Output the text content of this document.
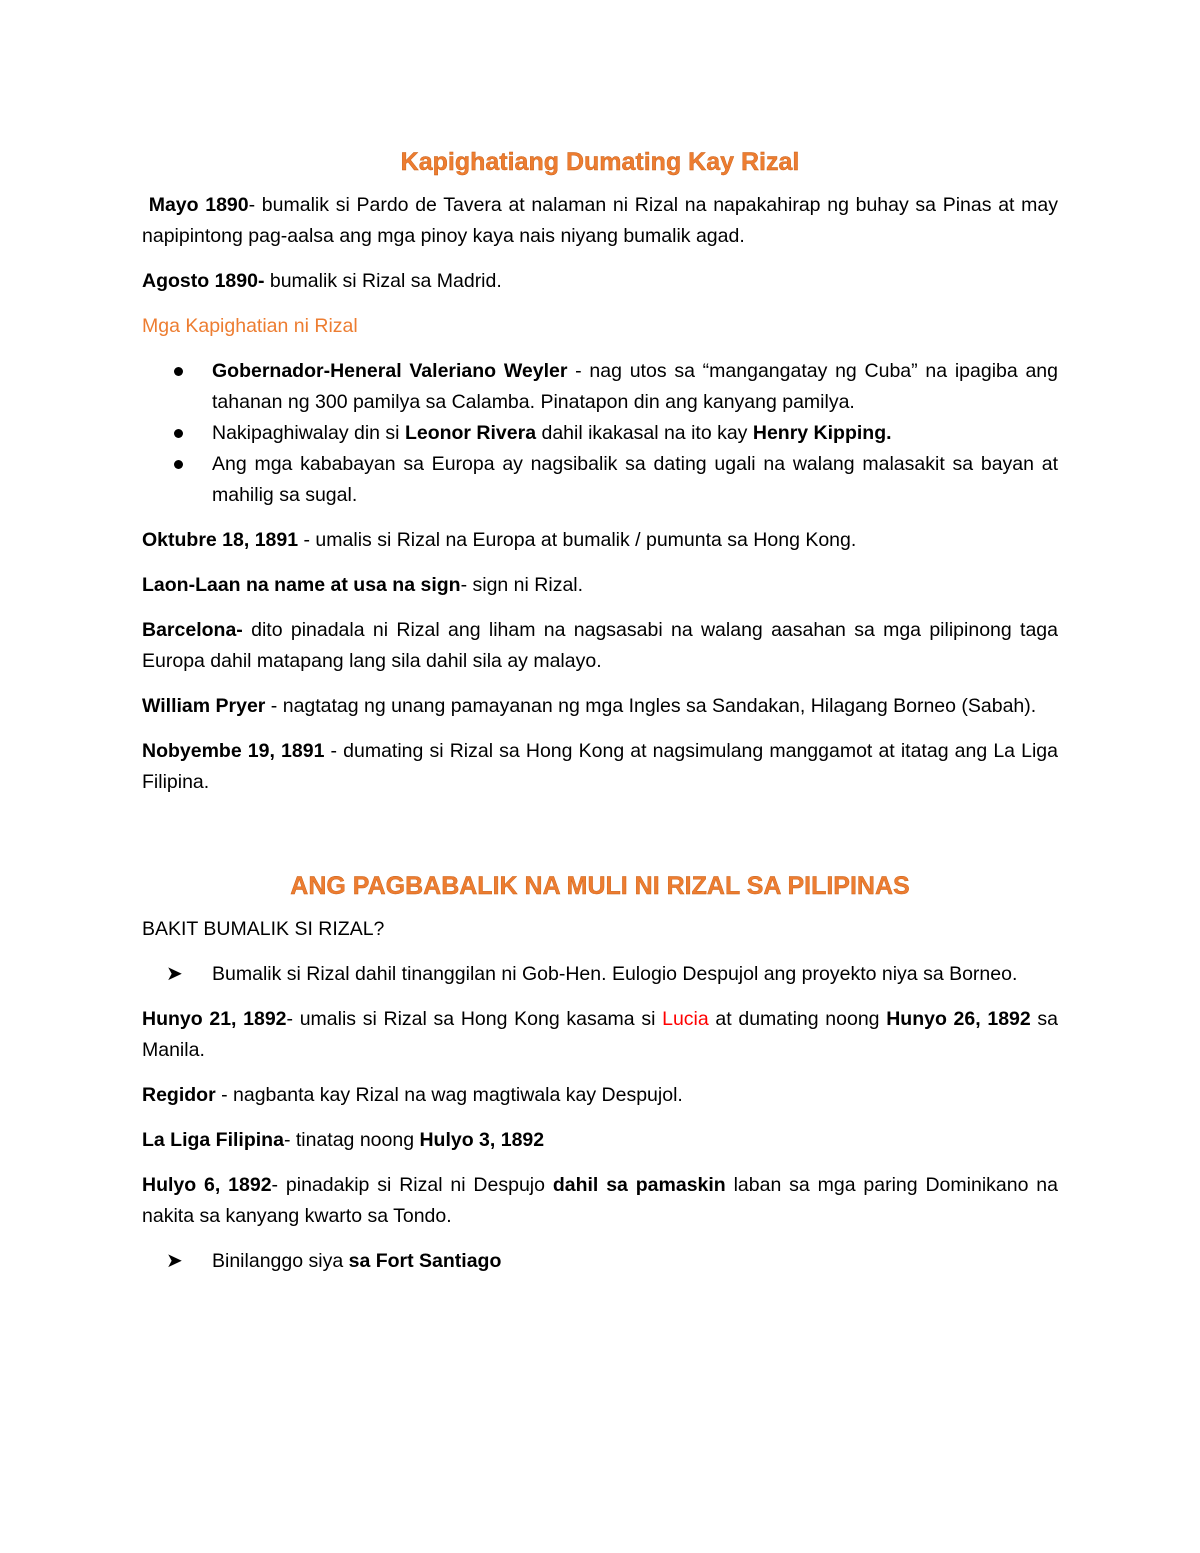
Kapighatiang Dumating Kay Rizal

Mayo 1890- bumalik si Pardo de Tavera at nalaman ni Rizal na napakahirap ng buhay sa Pinas at may napipintong pag-aalsa ang mga pinoy kaya nais niyang bumalik agad.

Agosto 1890- bumalik si Rizal sa Madrid.

Mga Kapighatian ni Rizal

Gobernador-Heneral Valeriano Weyler - nag utos sa “mangangatay ng Cuba” na ipagiba ang tahanan ng 300 pamilya sa Calamba. Pinatapon din ang kanyang pamilya.
Nakipaghiwalay din si Leonor Rivera dahil ikakasal na ito kay Henry Kipping.
Ang mga kababayan sa Europa ay nagsibalik sa dating ugali na walang malasakit sa bayan at mahilig sa sugal.

Oktubre 18, 1891 - umalis si Rizal na Europa at bumalik / pumunta sa Hong Kong.

Laon-Laan na name at usa na sign- sign ni Rizal.

Barcelona- dito pinadala ni Rizal ang liham na nagsasabi na walang aasahan sa mga pilipinong taga Europa dahil matapang lang sila dahil sila ay malayo.

William Pryer - nagtatag ng unang pamayanan ng mga Ingles sa Sandakan, Hilagang Borneo (Sabah).

Nobyembe 19, 1891 - dumating si Rizal sa Hong Kong at nagsimulang manggamot at itatag ang La Liga Filipina.

ANG PAGBABALIK NA MULI NI RIZAL SA PILIPINAS

BAKIT BUMALIK SI RIZAL?

➤ Bumalik si Rizal dahil tinanggilan ni Gob-Hen. Eulogio Despujol ang proyekto niya sa Borneo.

Hunyo 21, 1892- umalis si Rizal sa Hong Kong kasama si Lucia at dumating noong Hunyo 26, 1892 sa Manila.

Regidor - nagbanta kay Rizal na wag magtiwala kay Despujol.

La Liga Filipina- tinatag noong Hulyo 3, 1892

Hulyo 6, 1892- pinadakip si Rizal ni Despujo dahil sa pamaskin laban sa mga paring Dominikano na nakita sa kanyang kwarto sa Tondo.

➤ Binilanggo siya sa Fort Santiago
